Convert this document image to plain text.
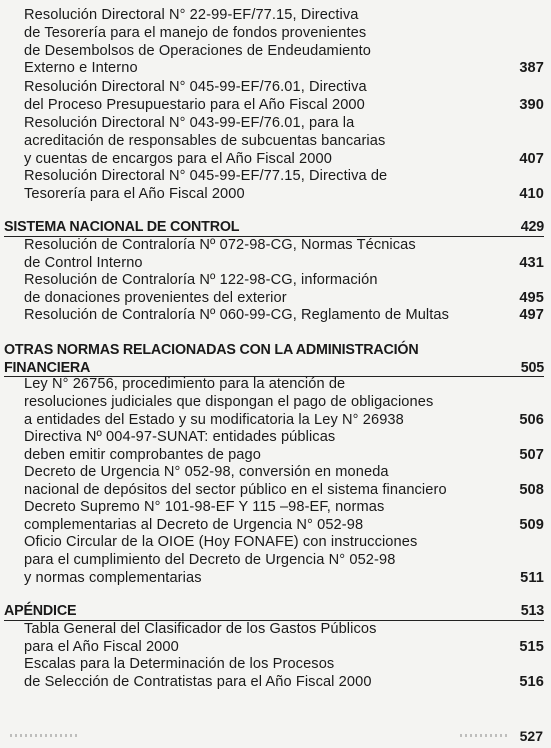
Resolución Directoral N° 22-99-EF/77.15, Directiva
de Tesorería para el manejo de fondos provenientes
de Desembolsos de Operaciones de Endeudamiento
Externo e Interno	387
Resolución Directoral N° 045-99-EF/76.01, Directiva
del Proceso Presupuestario para el Año Fiscal 2000	390
Resolución Directoral N° 043-99-EF/76.01, para la
acreditación de responsables de subcuentas bancarias
y cuentas de encargos para el Año Fiscal 2000	407
Resolución Directoral N° 045-99-EF/77.15, Directiva de
Tesorería para el Año Fiscal 2000	410
SISTEMA NACIONAL DE CONTROL	429
Resolución de Contraloría Nº 072-98-CG, Normas Técnicas
de Control Interno	431
Resolución de Contraloría Nº 122-98-CG, información
de donaciones provenientes del exterior	495
Resolución de Contraloría Nº 060-99-CG, Reglamento de Multas	497
OTRAS NORMAS RELACIONADAS CON LA ADMINISTRACIÓN
FINANCIERA	505
Ley N° 26756, procedimiento para la atención de
resoluciones judiciales que dispongan el pago de obligaciones
a entidades del Estado y su modificatoria la Ley N° 26938	506
Directiva Nº 004-97-SUNAT: entidades públicas
deben emitir comprobantes de pago	507
Decreto de Urgencia N° 052-98, conversión en moneda
nacional de depósitos del sector público en el sistema financiero	508
Decreto Supremo N° 101-98-EF Y 115 –98-EF, normas
complementarias al Decreto de Urgencia N° 052-98	509
Oficio Circular de la OIOE (Hoy FONAFE) con instrucciones
para el cumplimiento del Decreto de Urgencia N° 052-98
y normas complementarias	511
APÉNDICE	513
Tabla General del Clasificador de los Gastos Públicos
para el Año Fiscal 2000	515
Escalas para la Determinación de los Procesos
de Selección de Contratistas para el Año Fiscal 2000	516
527
